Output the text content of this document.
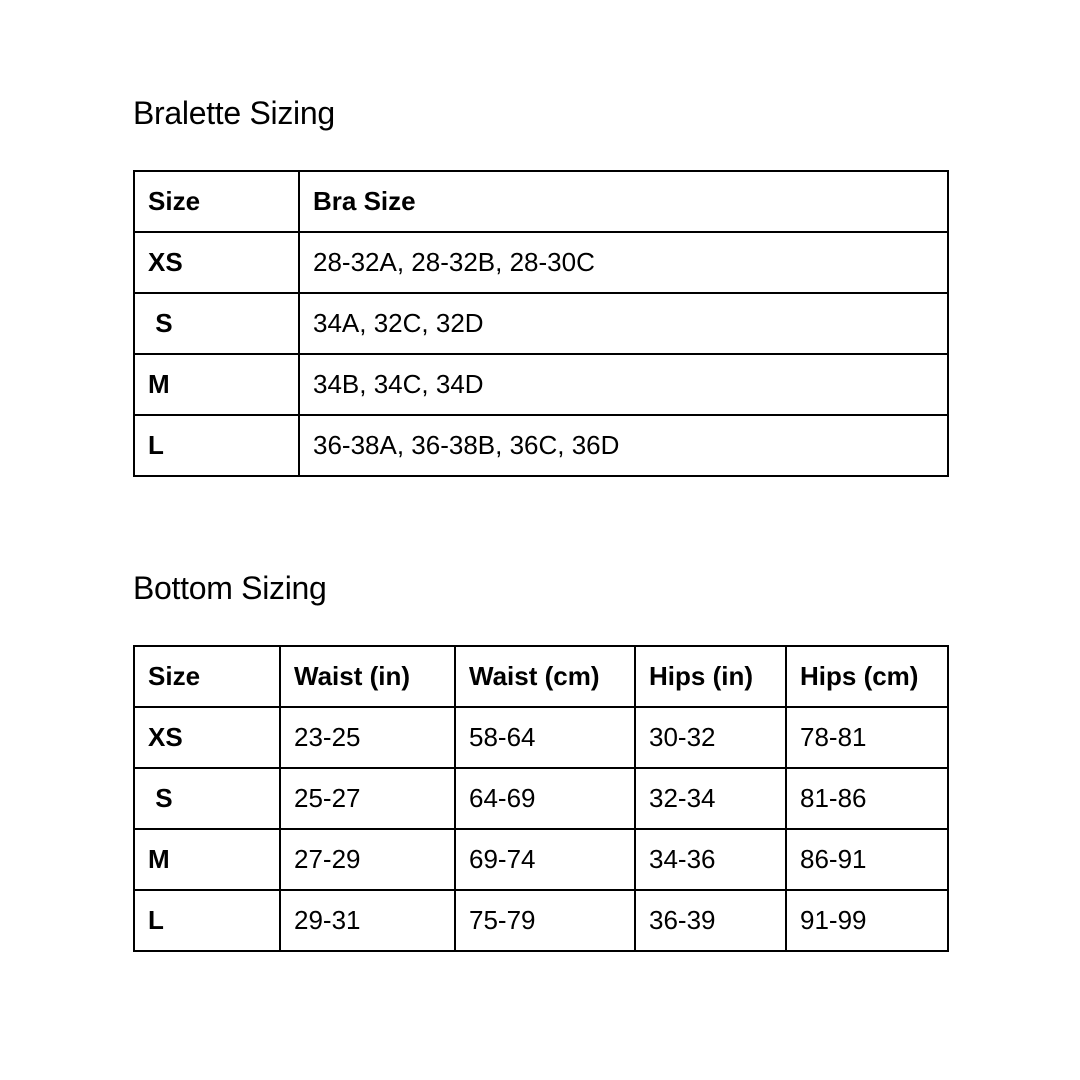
Bralette Sizing
Size	Bra Size
XS	28-32A, 28-32B, 28-30C
S	34A, 32C, 32D
M	34B, 34C, 34D
L	36-38A, 36-38B, 36C, 36D
Bottom Sizing
Size	Waist (in)	Waist (cm)	Hips (in)	Hips (cm)
XS	23-25	58-64	30-32	78-81
S	25-27	64-69	32-34	81-86
M	27-29	69-74	34-36	86-91
L	29-31	75-79	36-39	91-99
